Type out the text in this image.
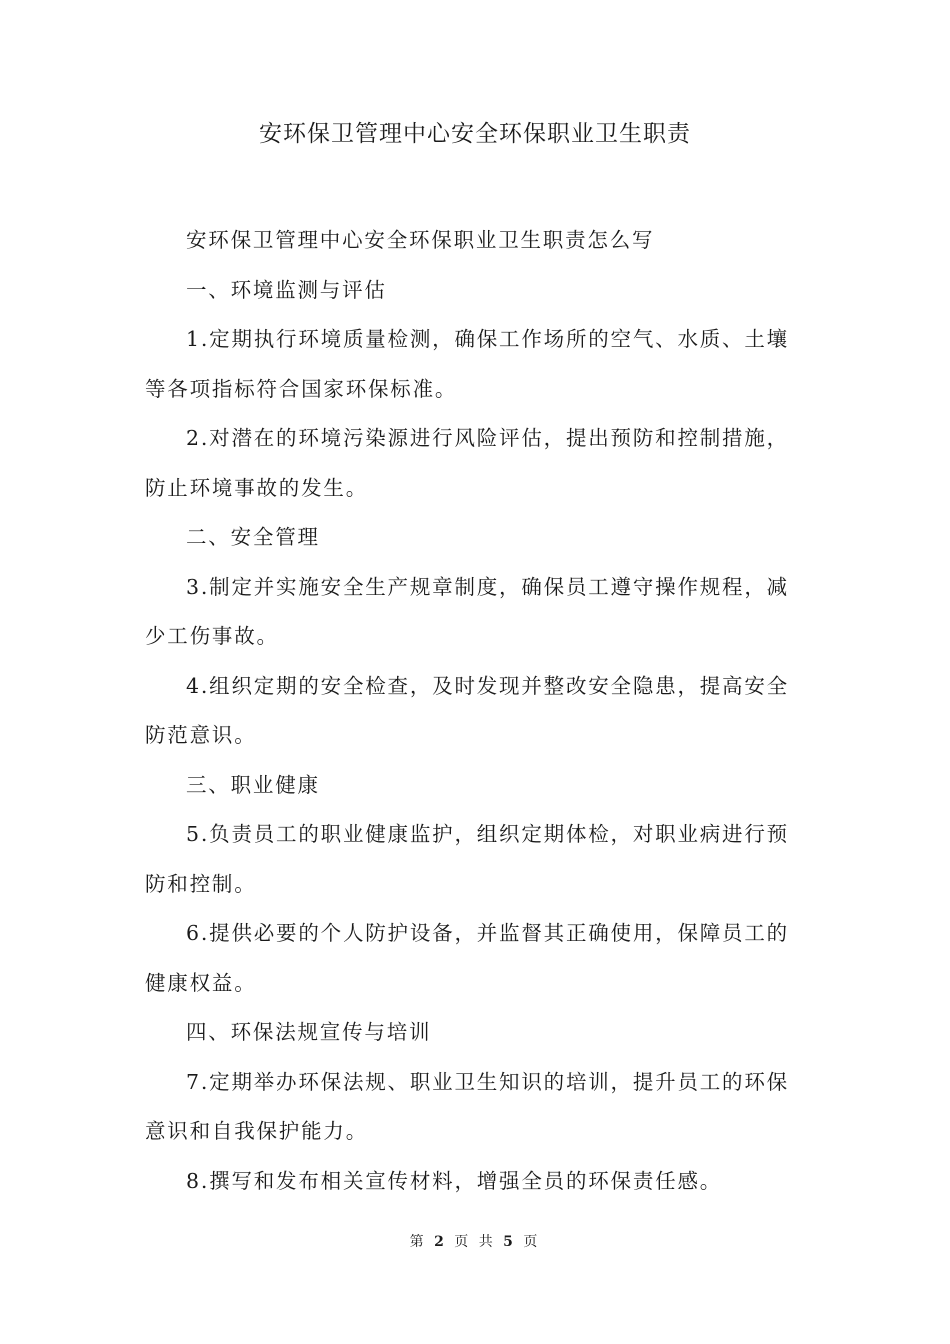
安环保卫管理中心安全环保职业卫生职责

安环保卫管理中心安全环保职业卫生职责怎么写

一、环境监测与评估

1.定期执行环境质量检测，确保工作场所的空气、水质、土壤等各项指标符合国家环保标准。

2.对潜在的环境污染源进行风险评估，提出预防和控制措施，防止环境事故的发生。

二、安全管理

3.制定并实施安全生产规章制度，确保员工遵守操作规程，减少工伤事故。

4.组织定期的安全检查，及时发现并整改安全隐患，提高安全防范意识。

三、职业健康

5.负责员工的职业健康监护，组织定期体检，对职业病进行预防和控制。

6.提供必要的个人防护设备，并监督其正确使用，保障员工的健康权益。

四、环保法规宣传与培训

7.定期举办环保法规、职业卫生知识的培训，提升员工的环保意识和自我保护能力。

8.撰写和发布相关宣传材料，增强全员的环保责任感。

第 2 页 共 5 页
